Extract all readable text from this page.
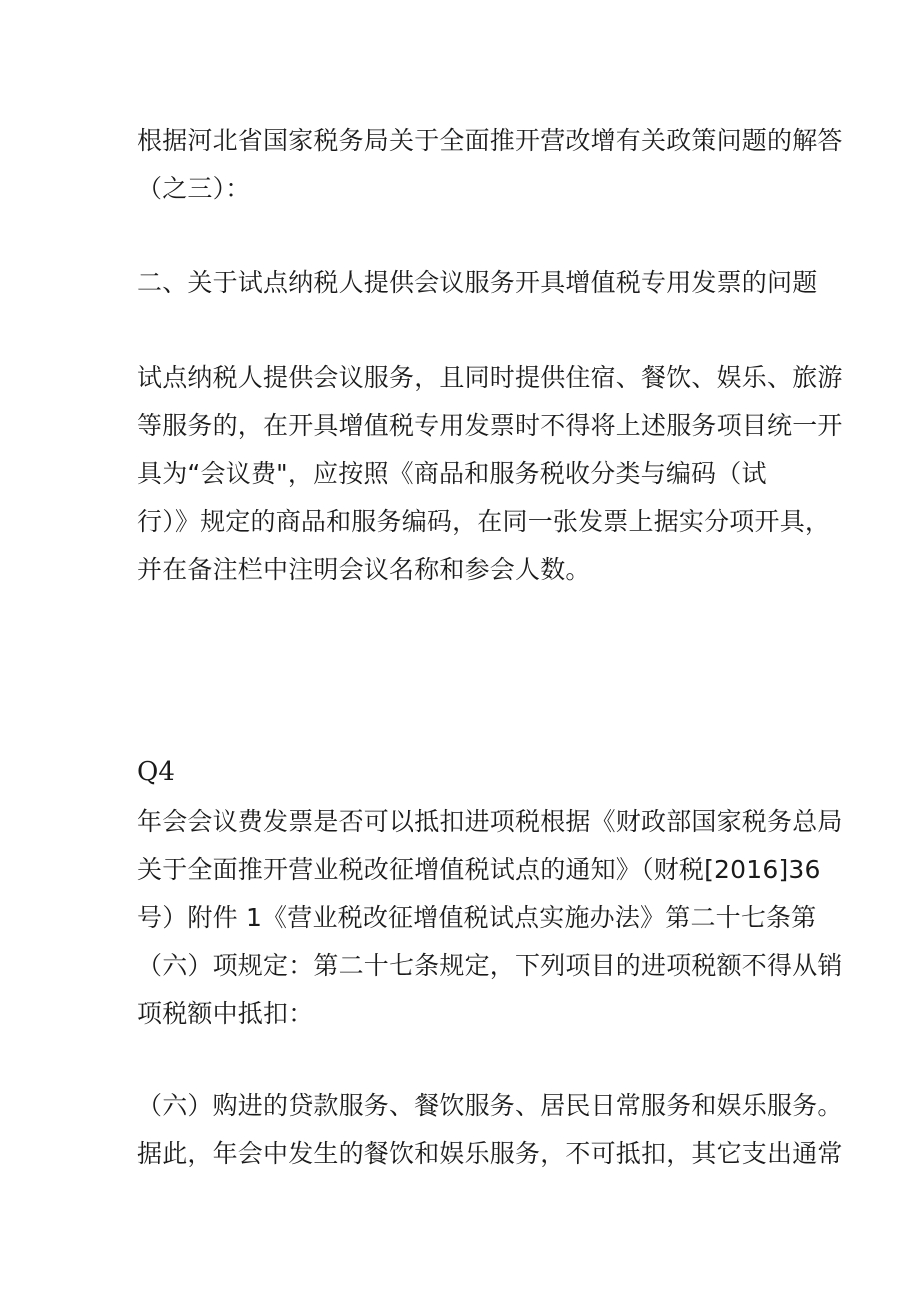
根据河北省国家税务局关于全面推开营改增有关政策问题的解答
（之三）：
二、关于试点纳税人提供会议服务开具增值税专用发票的问题
试点纳税人提供会议服务，且同时提供住宿、餐饮、娱乐、旅游
等服务的，在开具增值税专用发票时不得将上述服务项目统一开
具为“会议费"，应按照《商品和服务税收分类与编码（试
行）》规定的商品和服务编码，在同一张发票上据实分项开具，
并在备注栏中注明会议名称和参会人数。
Q4
年会会议费发票是否可以抵扣进项税根据《财政部国家税务总局
关于全面推开营业税改征增值税试点的通知》（财税[2016]36
号）附件 1《营业税改征增值税试点实施办法》第二十七条第
（六）项规定：第二十七条规定，下列项目的进项税额不得从销
项税额中抵扣：
（六）购进的贷款服务、餐饮服务、居民日常服务和娱乐服务。
据此，年会中发生的餐饮和娱乐服务，不可抵扣，其它支出通常
